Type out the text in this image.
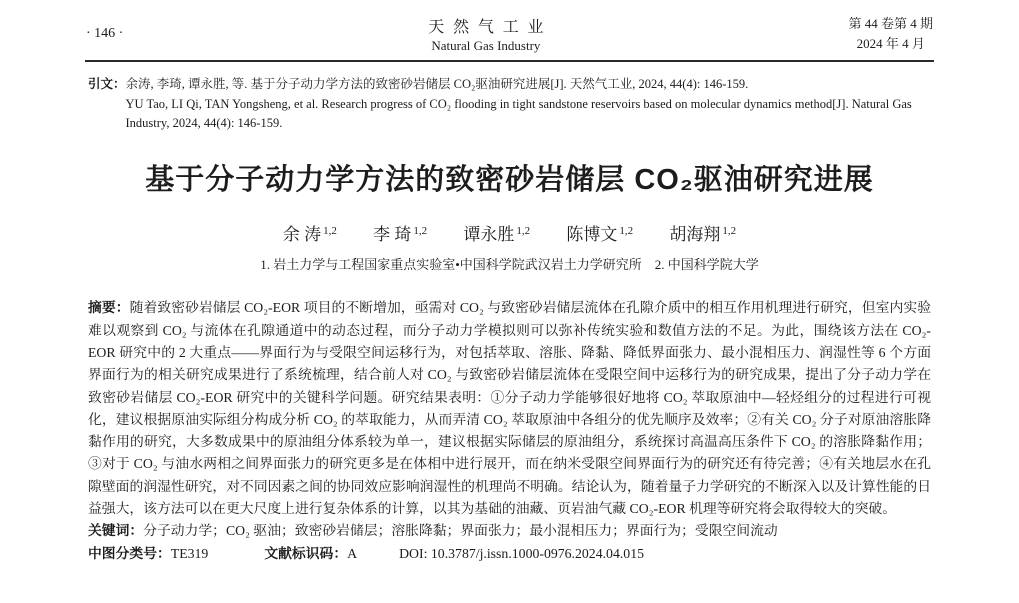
· 146 ·	天然气工业
Natural Gas Industry
第 44 卷第 4 期
2024 年 4 月
引文： 余涛, 李琦, 谭永胜, 等. 基于分子动力学方法的致密砂岩储层 CO₂驱油研究进展[J]. 天然气工业, 2024, 44(4): 146-159.

YU Tao, LI Qi, TAN Yongsheng, et al. Research progress of CO₂ flooding in tight sandstone reservoirs based on molecular dynamics method[J]. Natural Gas Industry, 2024, 44(4): 146-159.

基于分子动力学方法的致密砂岩储层 CO₂驱油研究进展
余 涛 $^{1,2}$ 李 琦 $^{1,2}$ 谭永胜 $^{1,2}$ 陈博文 $^{1,2}$ 胡海翔 $^{1,2}$
1. 岩土力学与工程国家重点实验室•中国科学院武汉岩土力学研究所　2. 中国科学院大学

摘要：随着致密砂岩储层 CO₂-EOR 项目的不断增加，亟需对 CO₂ 与致密砂岩储层流体在孔隙介质中的相互作用机理进行研究，但室内实验难以观察到 CO₂ 与流体在孔隙通道中的动态过程，而分子动力学模拟则可以弥补传统实验和数值方法的不足。为此，围绕该方法在 CO₂-EOR 研究中的 2 大重点——界面行为与受限空间运移行为，对包括萃取、溶胀、降黏、降低界面张力、最小混相压力、润湿性等 6 个方面界面行为的相关研究成果进行了系统梳理，结合前人对 CO₂ 与致密砂岩储层流体在受限空间中运移行为的研究成果，提出了分子动力学在致密砂岩储层 CO₂-EOR 研究中的关键科学问题。研究结果表明：①分子动力学能够很好地将 CO₂ 萃取原油中—轻烃组分的过程进行可视化，建议根据原油实际组分构成分析 CO₂ 的萃取能力，从而弄清 CO₂ 萃取原油中各组分的优先顺序及效率；②有关 CO₂ 分子对原油溶胀降黏作用的研究，大多数成果中的原油组分体系较为单一，建议根据实际储层的原油组分，系统探讨高温高压条件下 CO₂ 的溶胀降黏作用；③对于 CO₂ 与油水两相之间界面张力的研究更多是在体相中进行展开，而在纳米受限空间界面行为的研究还有待完善；④有关地层水在孔隙壁面的润湿性研究，对不同因素之间的协同效应影响润湿性的机理尚不明确。结论认为，随着量子力学研究的不断深入以及计算性能的日益强大，该方法可以在更大尺度上进行复杂体系的计算，以其为基础的油藏、页岩油气藏 CO₂-EOR 机理等研究将会取得较大的突破。

关键词：分子动力学；CO₂ 驱油；致密砂岩储层；溶胀降黏；界面张力；最小混相压力；界面行为；受限空间流动

中图分类号：TE319	文献标识码：A	DOI: 10.3787/j.issn.1000-0976.2024.04.015
